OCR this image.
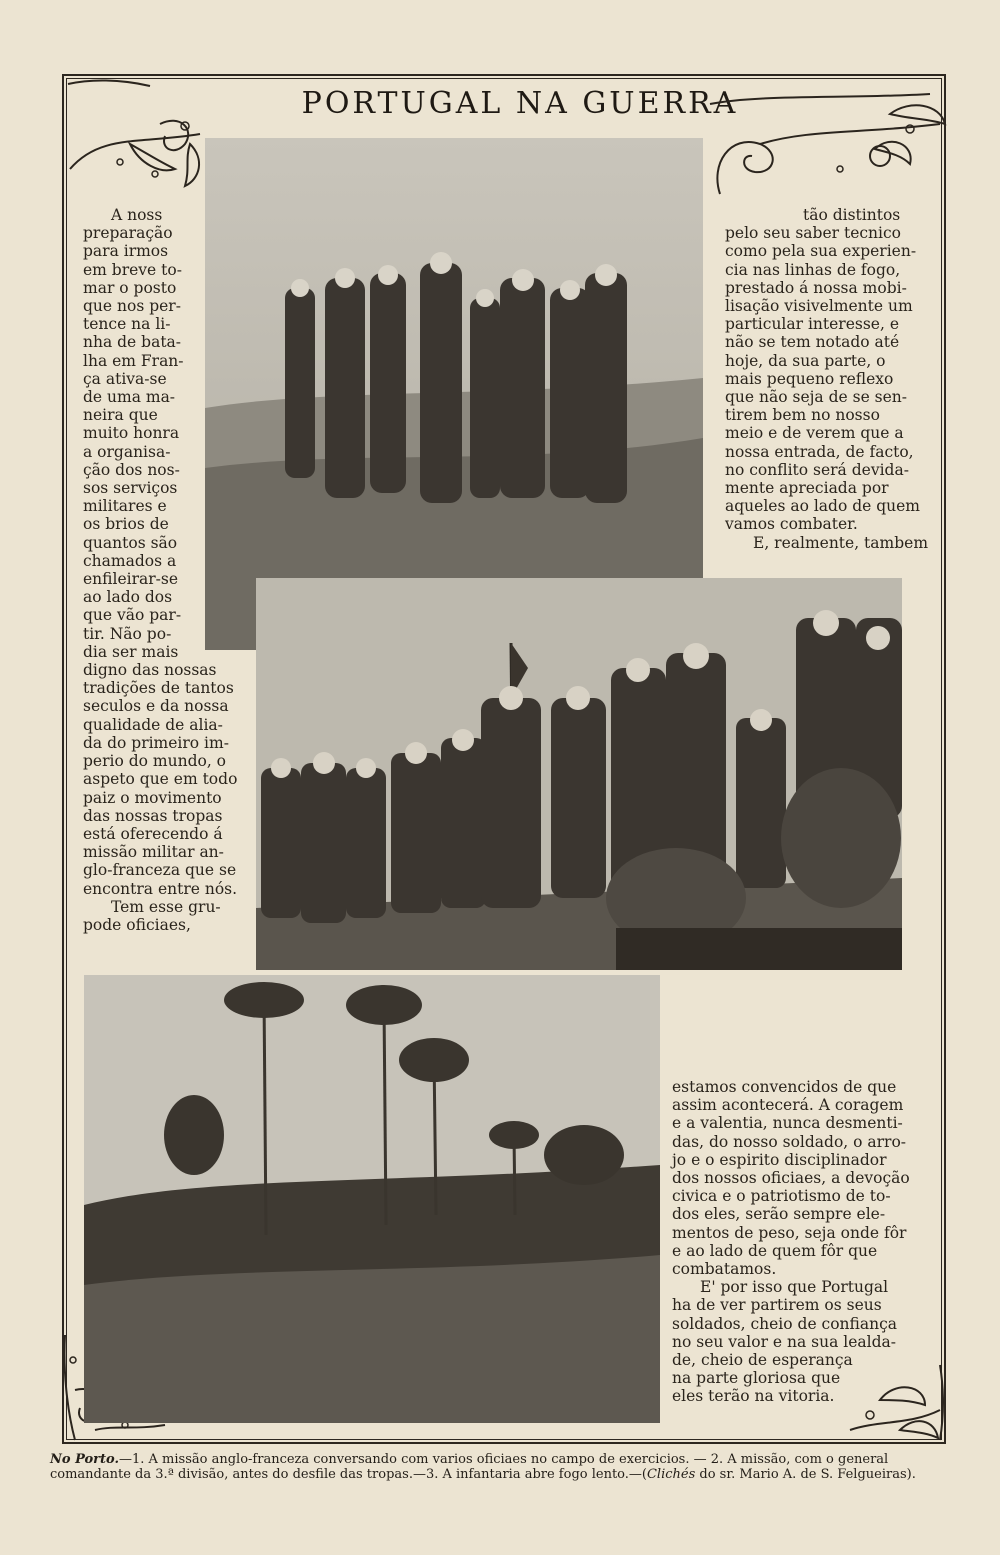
PORTUGAL NA GUERRA

A noss

preparação

para irmos

em breve to-

mar o posto

que nos per-

tence na li-

nha de bata-

lha em Fran-

ça ativa-se

de uma ma-

neira que

muito honra

a organisa-

ção dos nos-

sos serviços

militares e

os brios de

quantos são

chamados a

enfileirar-se

ao lado dos

que vão par-

tir. Não po-

dia ser mais

digno das nossas

tradições de tantos

seculos e da nossa

qualidade de alia-

da do primeiro im-

perio do mundo, o

aspeto que em todo

paiz o movimento

das nossas tropas

está oferecendo á

missão militar an-

glo-franceza que se

encontra entre nós.

Tem esse gru-

pode oficiaes,

tão distintos

pelo seu saber tecnico

como pela sua experien-

cia nas linhas de fogo,

prestado á nossa mobi-

lisação visivelmente um

particular interesse, e

não se tem notado até

hoje, da sua parte, o

mais pequeno reflexo

que não seja de se sen-

tirem bem no nosso

meio e de verem que a

nossa entrada, de facto,

no conflito será devida-

mente apreciada por

aqueles ao lado de quem

vamos combater.

E, realmente, tambem

estamos convencidos de que

assim acontecerá. A coragem

e a valentia, nunca desmenti-

das, do nosso soldado, o arro-

jo e o espirito disciplinador

dos nossos oficiaes, a devoção

civica e o patriotismo de to-

dos eles, serão sempre ele-

mentos de peso, seja onde fôr

e ao lado de quem fôr que

combatamos.

E' por isso que Portugal

ha de ver partirem os seus

soldados, cheio de confiança

no seu valor e na sua lealda-

de, cheio de esperança

na parte gloriosa que

eles terão na vitoria.

No Porto.—1. A missão anglo-franceza conversando com varios oficiaes no campo de exercicios. — 2. A missão, com o general
comandante da 3.ª divisão, antes do desfile das tropas.—3. A infantaria abre fogo lento.—(Clichés do sr. Mario A. de S. Felgueiras).
